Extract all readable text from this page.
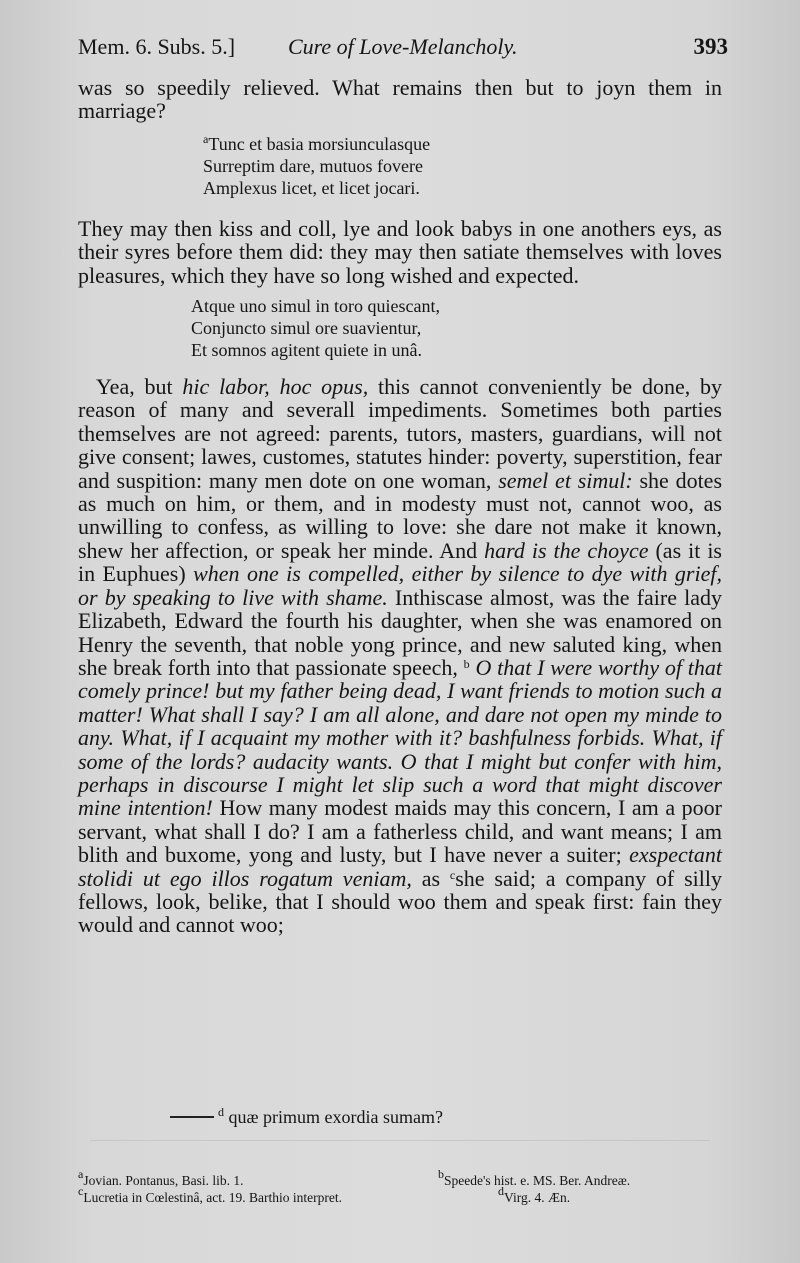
Mem. 6. Subs. 5.] Cure of Love-Melancholy.	393

was so speedily relieved. What remains then but to joyn them in marriage?

$^a$Tunc et basia morsiunculasque
Surreptim dare, mutuos fovere
Amplexus licet, et licet jocari.

They may then kiss and coll, lye and look babys in one anothers eys, as their syres before them did: they may then satiate themselves with loves pleasures, which they have so long wished and expected.

Atque uno simul in toro quiescant,
Conjuncto simul ore suavientur,
Et somnos agitent quiete in unâ.

Yea, but hic labor, hoc opus, this cannot conveniently be done, by reason of many and severall impediments. Sometimes both parties themselves are not agreed: parents, tutors, masters, guardians, will not give consent; lawes, customes, statutes hinder: poverty, superstition, fear and suspition: many men dote on one woman, semel et simul: she dotes as much on him, or them, and in modesty must not, cannot woo, as unwilling to confess, as willing to love: she dare not make it known, shew her affection, or speak her minde. And hard is the choyce (as it is in Euphues) when one is compelled, either by silence to dye with grief, or by speaking to live with shame. Inthiscase almost, was the faire lady Elizabeth, Edward the fourth his daughter, when she was enamored on Henry the seventh, that noble yong prince, and new saluted king, when she break forth into that passionate speech, $^b$ O that I were worthy of that comely prince! but my father being dead, I want friends to motion such a matter! What shall I say? I am all alone, and dare not open my minde to any. What, if I acquaint my mother with it? bashfulness forbids. What, if some of the lords? audacity wants. O that I might but confer with him, perhaps in discourse I might let slip such a word that might discover mine intention! How many modest maids may this concern, I am a poor servant, what shall I do? I am a fatherless child, and want means; I am blith and buxome, yong and lusty, but I have never a suiter; exspectant stolidi ut ego illos rogatum veniam, as $^c$she said; a company of silly fellows, look, belike, that I should woo them and speak first: fain they would and cannot woo;

$^d$ quæ primum exordia sumam?
$^a$Jovian. Pontanus, Basi. lib. 1.	$^b$Speede's hist. e. MS. Ber. Andreæ.
$^c$Lucretia in Cœlestinâ, act. 19. Barthio interpret.	$^d$Virg. 4. Æn.
